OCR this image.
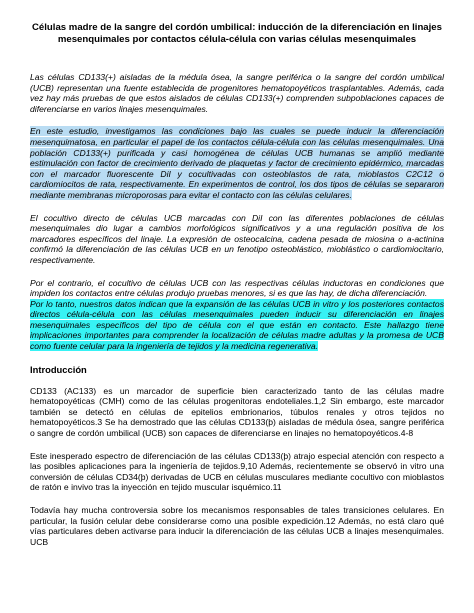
Células madre de la sangre del cordón umbilical: inducción de la diferenciación en linajes mesenquimales por contactos célula-célula con varias células mesenquimales

Las células CD133(+) aisladas de la médula ósea, la sangre periférica o la sangre del cordón umbilical (UCB) representan una fuente establecida de progenitores hematopoyéticos trasplantables. Además, cada vez hay más pruebas de que estos aislados de células CD133(+) comprenden subpoblaciones capaces de diferenciarse en varios linajes mesenquimales.

En este estudio, investigamos las condiciones bajo las cuales se puede inducir la diferenciación mesenquimatosa, en particular el papel de los contactos célula-célula con las células mesenquimales. Una población CD133(+) purificada y casi homogénea de células UCB humanas se amplió mediante estimulación con factor de crecimiento derivado de plaquetas y factor de crecimiento epidérmico, marcadas con el marcador fluorescente DiI y cocultivadas con osteoblastos de rata, mioblastos C2C12 o cardiomiocitos de rata, respectivamente. En experimentos de control, los dos tipos de células se separaron mediante membranas microporosas para evitar el contacto con las células celulares.

El cocultivo directo de células UCB marcadas con DiI con las diferentes poblaciones de células mesenquimales dio lugar a cambios morfológicos significativos y a una regulación positiva de los marcadores específicos del linaje. La expresión de osteocalcina, cadena pesada de miosina o a-actinina confirmó la diferenciación de las células UCB en un fenotipo osteoblástico, mioblástico o cardiomiocitario, respectivamente.

Por el contrario, el cocultivo de células UCB con las respectivas células inductoras en condiciones que impiden los contactos entre células produjo pruebas menores, si es que las hay, de dicha diferenciación.

Por lo tanto, nuestros datos indican que la expansión de las células UCB in vitro y los posteriores contactos directos célula-célula con las células mesenquimales pueden inducir su diferenciación en linajes mesenquimales específicos del tipo de célula con el que están en contacto. Este hallazgo tiene implicaciones importantes para comprender la localización de células madre adultas y la promesa de UCB como fuente celular para la ingeniería de tejidos y la medicina regenerativa.

Introducción

CD133 (AC133) es un marcador de superficie bien caracterizado tanto de las células madre hematopoyéticas (CMH) como de las células progenitoras endoteliales.1,2 Sin embargo, este marcador también se detectó en células de epitelios embrionarios, túbulos renales y otros tejidos no hematopoyéticos.3 Se ha demostrado que las células CD133(þ) aisladas de médula ósea, sangre periférica o sangre de cordón umbilical (UCB) son capaces de diferenciarse en linajes no hematopoyéticos.4-8

Este inesperado espectro de diferenciación de las células CD133(þ) atrajo especial atención con respecto a las posibles aplicaciones para la ingeniería de tejidos.9,10 Además, recientemente se observó in vitro una conversión de células CD34(þ) derivadas de UCB en células musculares mediante cocultivo con mioblastos de ratón e invivo tras la inyección en tejido muscular isquémico.11

Todavía hay mucha controversia sobre los mecanismos responsables de tales transiciones celulares. En particular, la fusión celular debe considerarse como una posible expedición.12 Además, no está claro qué vías particulares deben activarse para inducir la diferenciación de las células UCB a linajes mesenquimales. UCB
